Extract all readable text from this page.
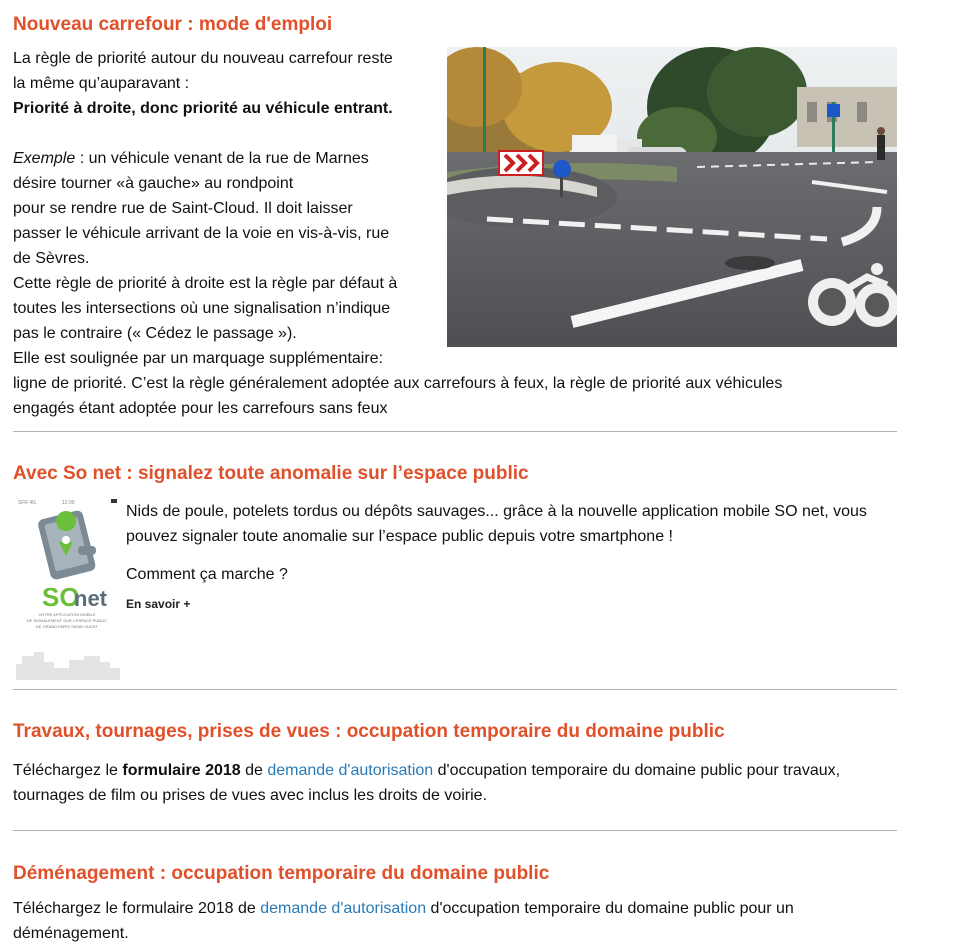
Nouveau carrefour : mode d'emploi
La règle de priorité autour du nouveau carrefour reste
la même qu’auparavant :
Priorité à droite, donc priorité au véhicule entrant.
Exemple : un véhicule venant de la rue de Marnes
désire tourner «à gauche» au rondpoint
pour se rendre rue de Saint-Cloud. Il doit laisser
passer le véhicule arrivant de la voie en vis-à-vis, rue
de Sèvres.
Cette règle de priorité à droite est la règle par défaut à
toutes les intersections où une signalisation n’indique
pas le contraire (« Cédez le passage »).
Elle est soulignée par un marquage supplémentaire:
ligne de priorité. C’est la règle généralement adoptée aux carrefours à feux, la règle de priorité aux véhicules
engagés étant adoptée pour les carrefours sans feux
Avec So net : signalez toute anomalie sur l’espace public
SFR 4G	12:00
SO
net
VOTRE APPLICATION MOBILE
DE SIGNALEMENT SUR L'ESPACE PUBLIC
DE GRAND PARIS SEINE OUEST

Nids de poule, potelets tordus ou dépôts sauvages... grâce à la nouvelle application mobile SO net, vous pouvez signaler toute anomalie sur l’espace public depuis votre smartphone !

Comment ça marche ?

En savoir +
Travaux, tournages, prises de vues : occupation temporaire du domaine public

Téléchargez le formulaire 2018 de demande d'autorisation d'occupation temporaire du domaine public pour travaux, tournages de film ou prises de vues avec inclus les droits de voirie.

Déménagement : occupation temporaire du domaine public

Téléchargez le formulaire 2018 de demande d'autorisation d'occupation temporaire du domaine public pour un déménagement.
